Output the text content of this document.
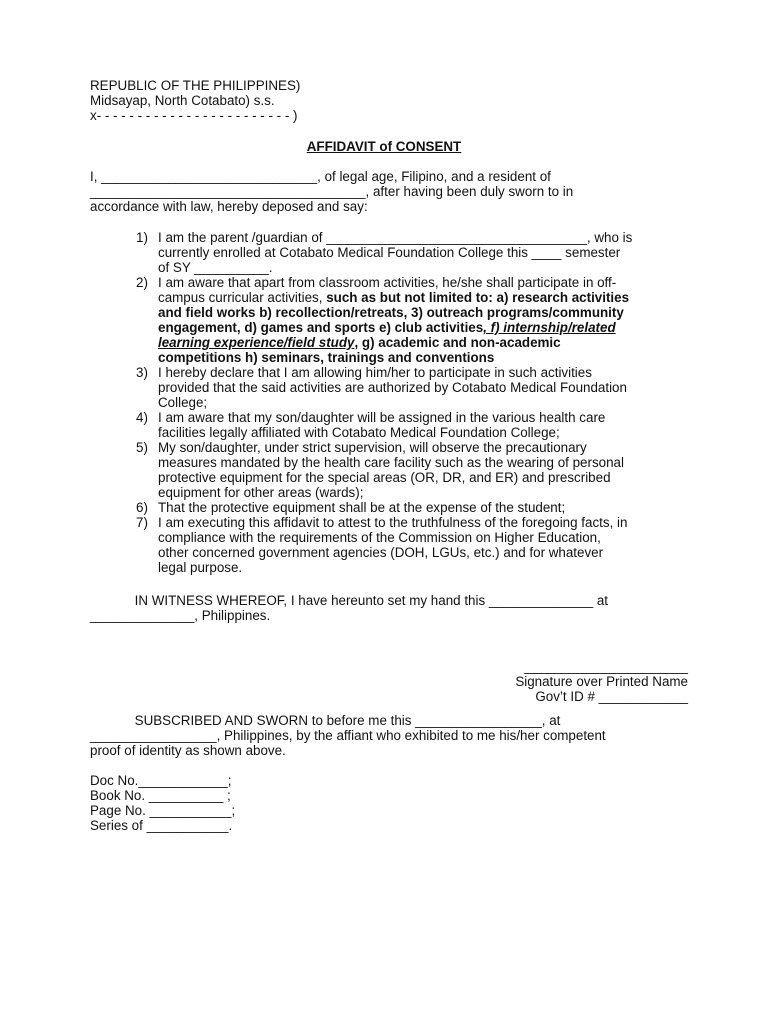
REPUBLIC OF THE PHILIPPINES)
Midsayap, North Cotabato) s.s.
x- - - - - - - - - - - - - - - - - - - - - - - - )
AFFIDAVIT of CONSENT
I, _____________________________, of legal age, Filipino, and a resident of
_____________________________________, after having been duly sworn to in
accordance with law, hereby deposed and say:
1) I am the parent /guardian of ___________________________________, who is
currently enrolled at Cotabato Medical Foundation College this ____ semester
of SY __________.
2) I am aware that apart from classroom activities, he/she shall participate in off-
campus curricular activities, such as but not limited to: a) research activities
and field works b) recollection/retreats, 3) outreach programs/community
engagement, d) games and sports e) club activities, f) internship/related
learning experience/field study, g) academic and non-academic
competitions h) seminars, trainings and conventions
3) I hereby declare that I am allowing him/her to participate in such activities
provided that the said activities are authorized by Cotabato Medical Foundation
College;
4) I am aware that my son/daughter will be assigned in the various health care
facilities legally affiliated with Cotabato Medical Foundation College;
5) My son/daughter, under strict supervision, will observe the precautionary
measures mandated by the health care facility such as the wearing of personal
protective equipment for the special areas (OR, DR, and ER) and prescribed
equipment for other areas (wards);
6) That the protective equipment shall be at the expense of the student;
7) I am executing this affidavit to attest to the truthfulness of the foregoing facts, in
compliance with the requirements of the Commission on Higher Education,
other concerned government agencies (DOH, LGUs, etc.) and for whatever
legal purpose.
IN WITNESS WHEREOF, I have hereunto set my hand this ______________ at
______________, Philippines.
______________________
Signature over Printed Name
Gov’t ID # ____________
SUBSCRIBED AND SWORN to before me this _________________, at
_________________, Philippines, by the affiant who exhibited to me his/her competent
proof of identity as shown above.
Doc No.____________;
Book No. __________ ;
Page No. ___________;
Series of ___________.
